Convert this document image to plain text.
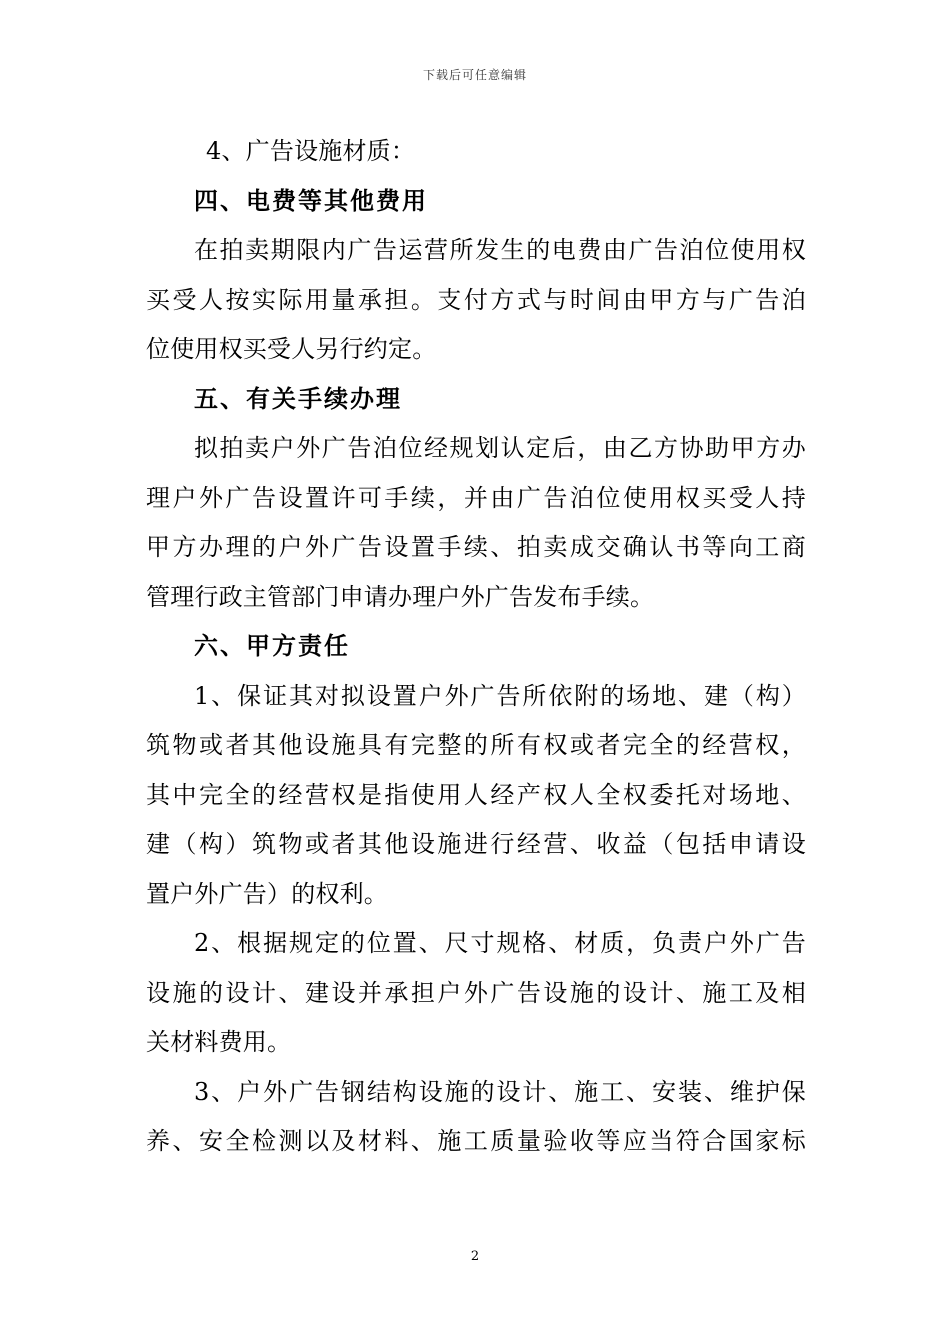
下载后可任意编辑
4、广告设施材质：
四、电费等其他费用
在拍卖期限内广告运营所发生的电费由广告泊位使用权
买受人按实际用量承担。支付方式与时间由甲方与广告泊
位使用权买受人另行约定。
五、有关手续办理
拟拍卖户外广告泊位经规划认定后，由乙方协助甲方办
理户外广告设置许可手续，并由广告泊位使用权买受人持
甲方办理的户外广告设置手续、拍卖成交确认书等向工商
管理行政主管部门申请办理户外广告发布手续。
六、甲方责任
1、保证其对拟设置户外广告所依附的场地、建（构）
筑物或者其他设施具有完整的所有权或者完全的经营权，
其中完全的经营权是指使用人经产权人全权委托对场地、
建（构）筑物或者其他设施进行经营、收益（包括申请设
置户外广告）的权利。
2、根据规定的位置、尺寸规格、材质，负责户外广告
设施的设计、建设并承担户外广告设施的设计、施工及相
关材料费用。
3、户外广告钢结构设施的设计、施工、安装、维护保
养、安全检测以及材料、施工质量验收等应当符合国家标
2
